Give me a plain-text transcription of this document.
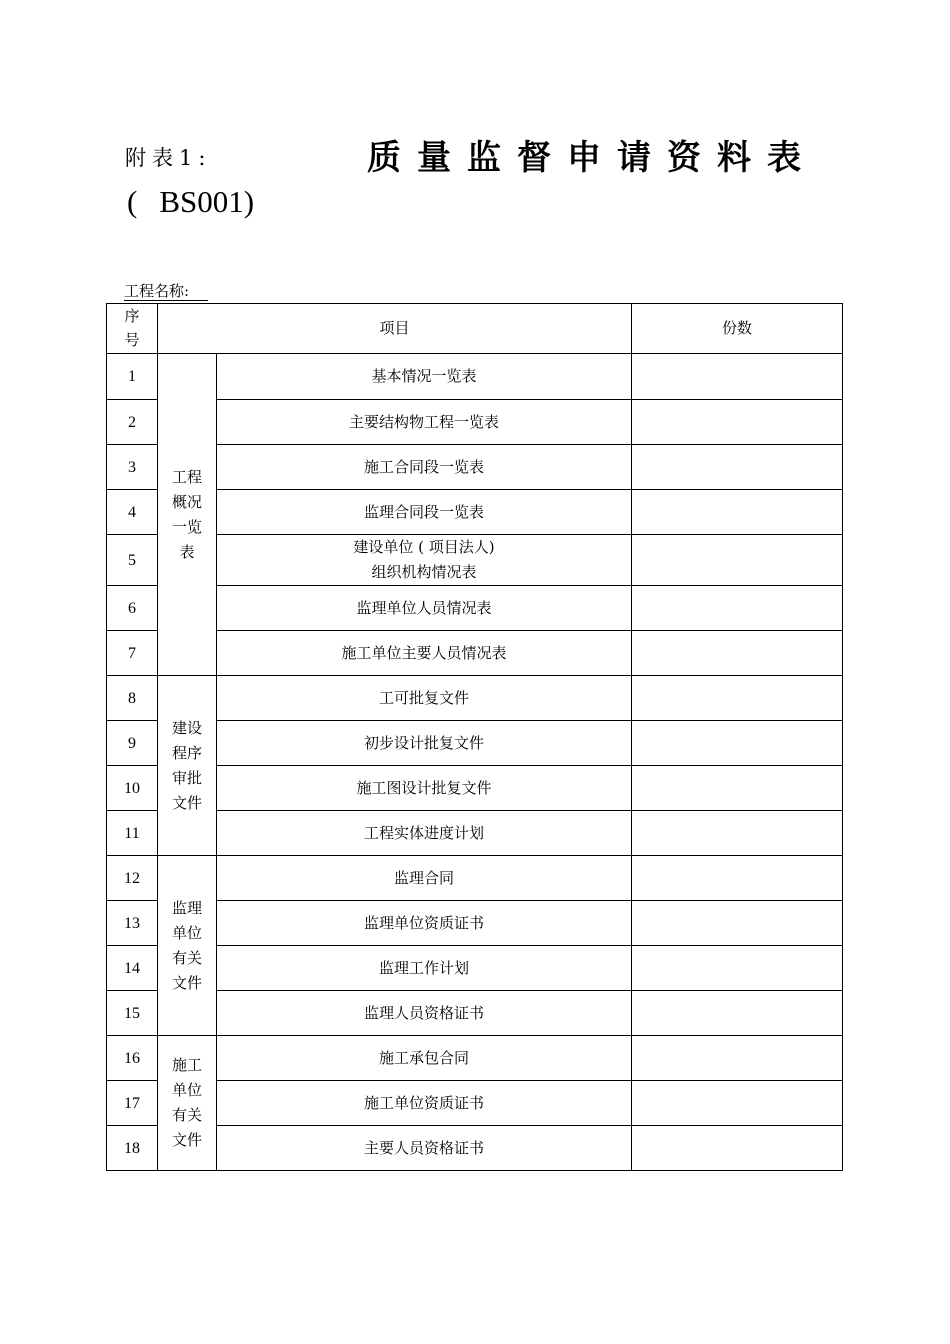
附表1:	质量监督申请资料表
( BS001)
工程名称:
序号	项目		份数
1	工程概况一览表	基本情况一览表	
2		主要结构物工程一览表	
3		施工合同段一览表	
4		监理合同段一览表	
5		建设单位 ( 项目法人)
组织机构情况表	

6		监理单位人员情况表	
7		施工单位主要人员情况表	
8	建设程序审批文件	工可批复文件	
9		初步设计批复文件	
10		施工图设计批复文件	
11		工程实体进度计划	
12	监理单位有关文件	监理合同	
13		监理单位资质证书	
14		监理工作计划	
15		监理人员资格证书	
16	施工单位有关文件	施工承包合同	
17		施工单位资质证书	
18		主要人员资格证书	
